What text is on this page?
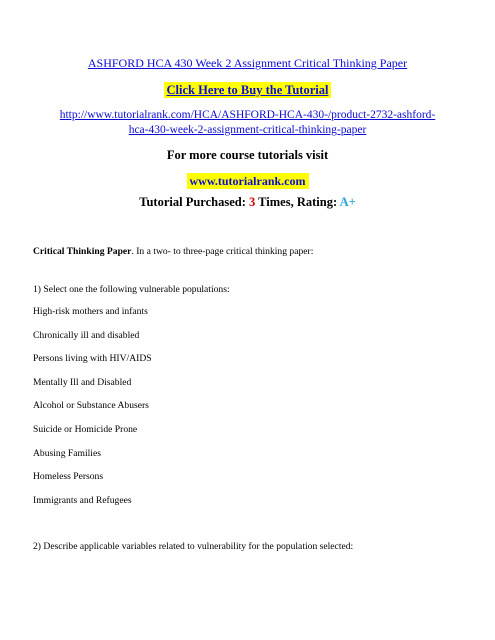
ASHFORD HCA 430 Week 2 Assignment Critical Thinking Paper
Click Here to Buy the Tutorial
http://www.tutorialrank.com/HCA/ASHFORD-HCA-430-/product-2732-ashford-hca-430-week-2-assignment-critical-thinking-paper
For more course tutorials visit
www.tutorialrank.com
Tutorial Purchased: 3 Times, Rating: A+
Critical Thinking Paper. In a two- to three-page critical thinking paper:
1) Select one the following vulnerable populations:
High-risk mothers and infants
Chronically ill and disabled
Persons living with HIV/AIDS
Mentally Ill and Disabled
Alcohol or Substance Abusers
Suicide or Homicide Prone
Abusing Families
Homeless Persons
Immigrants and Refugees
2) Describe applicable variables related to vulnerability for the population selected:
